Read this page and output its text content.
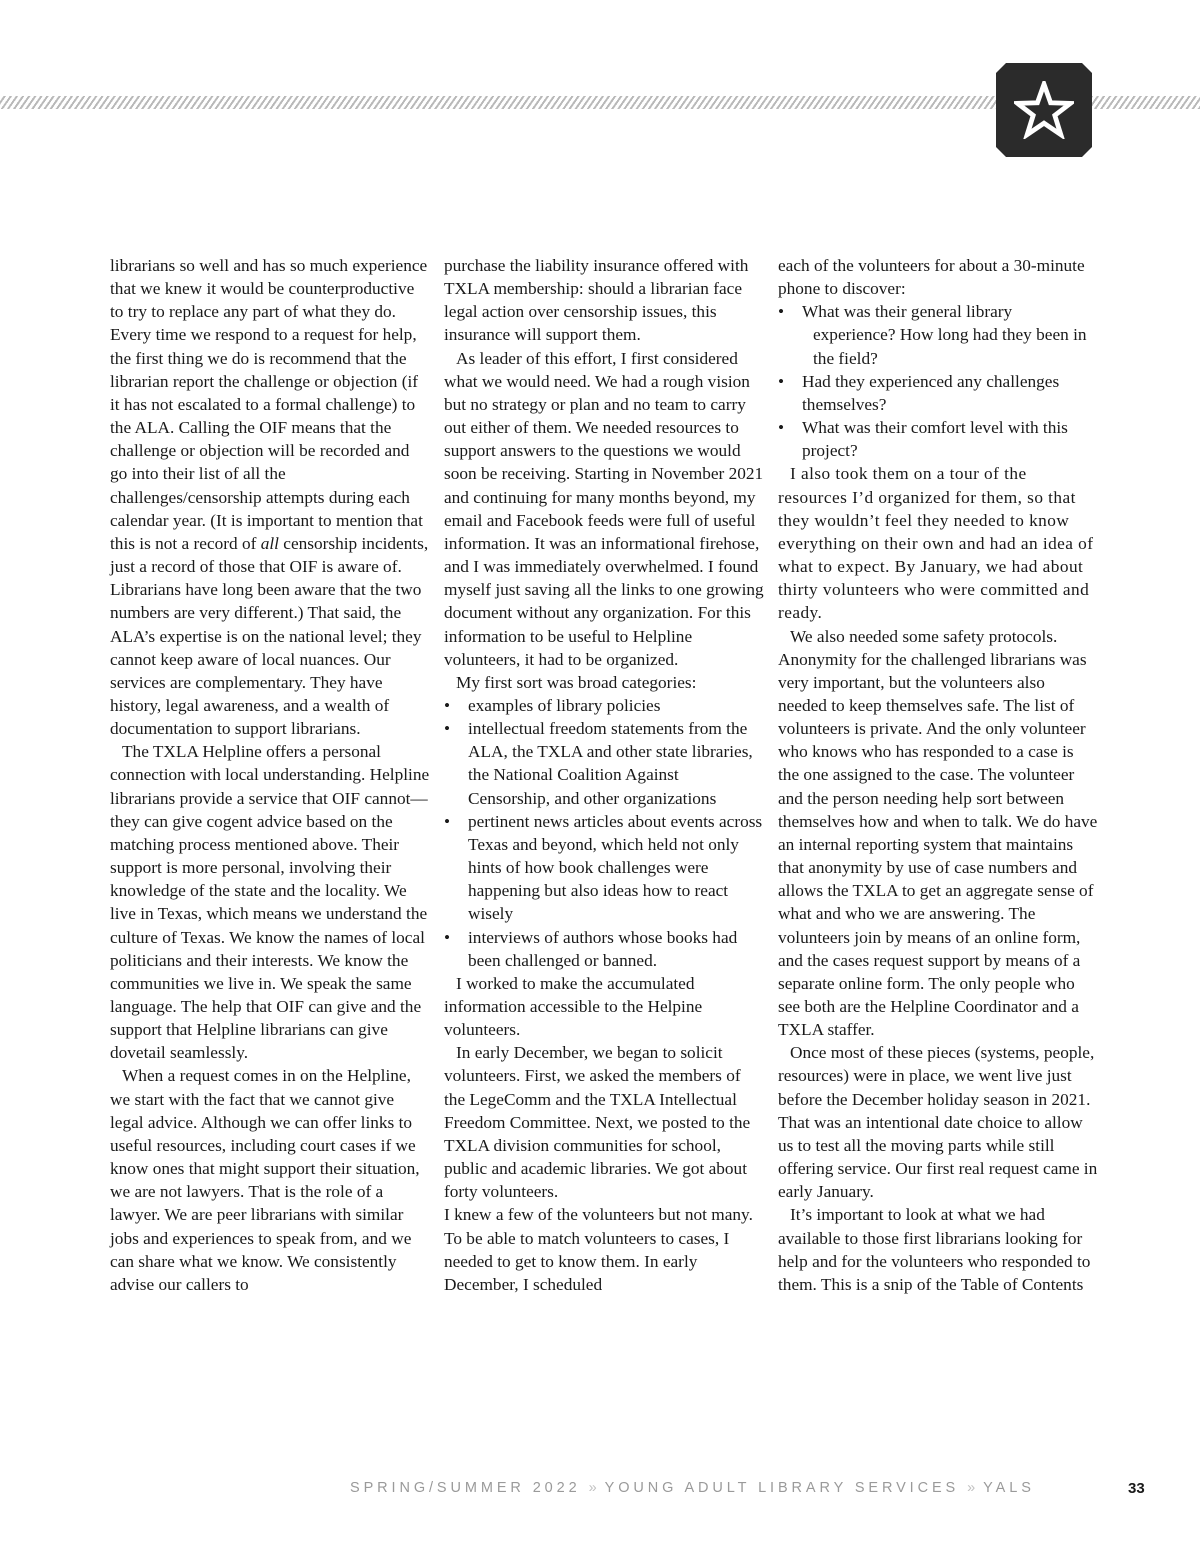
librarians so well and has so much experience that we knew it would be counterproductive to try to replace any part of what they do. Every time we respond to a request for help, the first thing we do is recommend that the librarian report the challenge or objection (if it has not escalated to a formal challenge) to the ALA. Calling the OIF means that the challenge or objection will be recorded and go into their list of all the challenges/censorship attempts during each calendar year. (It is important to mention that this is not a record of all censorship incidents, just a record of those that OIF is aware of. Librarians have long been aware that the two numbers are very different.) That said, the ALA’s expertise is on the national level; they cannot keep aware of local nuances. Our services are complementary. They have history, legal awareness, and a wealth of documentation to support librarians.

The TXLA Helpline offers a personal connection with local understanding. Helpline librarians provide a service that OIF cannot—they can give cogent advice based on the matching process mentioned above. Their support is more personal, involving their knowledge of the state and the locality. We live in Texas, which means we understand the culture of Texas. We know the names of local politicians and their interests. We know the communities we live in. We speak the same language. The help that OIF can give and the support that Helpline librarians can give dovetail seamlessly.

When a request comes in on the Helpline, we start with the fact that we cannot give legal advice. Although we can offer links to useful resources, including court cases if we know ones that might support their situation, we are not lawyers. That is the role of a lawyer. We are peer librarians with similar jobs and experiences to speak from, and we can share what we know. We consistently advise our callers to

purchase the liability insurance offered with TXLA membership: should a librarian face legal action over censorship issues, this insurance will support them.

As leader of this effort, I first considered what we would need. We had a rough vision but no strategy or plan and no team to carry out either of them. We needed resources to support answers to the questions we would soon be receiving. Starting in November 2021 and continuing for many months beyond, my email and Facebook feeds were full of useful information. It was an informational firehose, and I was immediately overwhelmed. I found myself just saving all the links to one growing document without any organization. For this information to be useful to Helpline volunteers, it had to be organized.

My first sort was broad categories:

• examples of library policies
• intellectual freedom statements from the ALA, the TXLA and other state libraries, the National Coalition Against Censorship, and other organizations
• pertinent news articles about events across Texas and beyond, which held not only hints of how book challenges were happening but also ideas how to react wisely
• interviews of authors whose books had been challenged or banned.

I worked to make the accumulated information accessible to the Helpine volunteers.

In early December, we began to solicit volunteers. First, we asked the members of the LegeComm and the TXLA Intellectual Freedom Committee. Next, we posted to the TXLA division communities for school, public and academic libraries. We got about forty volunteers.

I knew a few of the volunteers but not many. To be able to match volunteers to cases, I needed to get to know them. In early December, I scheduled

each of the volunteers for about a 30-minute phone to discover:

• What was their general library experience? How long had they been in the field?
• Had they experienced any challenges themselves?
• What was their comfort level with this project?

I also took them on a tour of the resources I’d organized for them, so that they wouldn’t feel they needed to know everything on their own and had an idea of what to expect. By January, we had about thirty volunteers who were committed and ready.

We also needed some safety protocols. Anonymity for the challenged librarians was very important, but the volunteers also needed to keep themselves safe. The list of volunteers is private. And the only volunteer who knows who has responded to a case is the one assigned to the case. The volunteer and the person needing help sort between themselves how and when to talk. We do have an internal reporting system that maintains that anonymity by use of case numbers and allows the TXLA to get an aggregate sense of what and who we are answering. The volunteers join by means of an online form, and the cases request support by means of a separate online form. The only people who see both are the Helpline Coordinator and a TXLA staffer.

Once most of these pieces (systems, people, resources) were in place, we went live just before the December holiday season in 2021. That was an intentional date choice to allow us to test all the moving parts while still offering service. Our first real request came in early January.

It’s important to look at what we had available to those first librarians looking for help and for the volunteers who responded to them. This is a snip of the Table of Contents

SPRING/SUMMER 2022 » YOUNG ADULT LIBRARY SERVICES » YALS	33
